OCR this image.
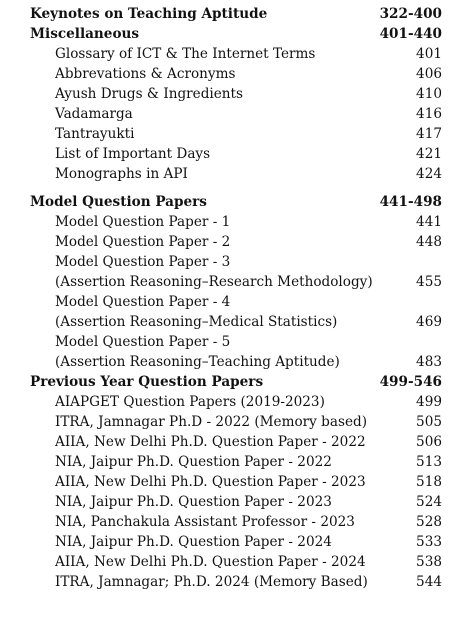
Keynotes on Teaching Aptitude	322-400
Miscellaneous	401-440
Glossary of ICT & The Internet Terms	401
Abbrevations & Acronyms	406
Ayush Drugs & Ingredients	410
Vadamarga	416
Tantrayukti	417
List of Important Days	421
Monographs in API	424
Model Question Papers	441-498
Model Question Paper - 1	441
Model Question Paper - 2	448
Model Question Paper - 3
(Assertion Reasoning–Research Methodology)	455
Model Question Paper - 4
(Assertion Reasoning–Medical Statistics)	469
Model Question Paper - 5
(Assertion Reasoning–Teaching Aptitude)	483
Previous Year Question Papers	499-546
AIAPGET Question Papers (2019-2023)	499
ITRA, Jamnagar Ph.D - 2022 (Memory based)	505
AIIA, New Delhi Ph.D. Question Paper - 2022	506
NIA, Jaipur Ph.D. Question Paper - 2022	513
AIIA, New Delhi Ph.D. Question Paper - 2023	518
NIA, Jaipur Ph.D. Question Paper - 2023	524
NIA, Panchakula Assistant Professor - 2023	528
NIA, Jaipur Ph.D. Question Paper - 2024	533
AIIA, New Delhi Ph.D. Question Paper - 2024	538
ITRA, Jamnagar; Ph.D. 2024 (Memory Based)	544
